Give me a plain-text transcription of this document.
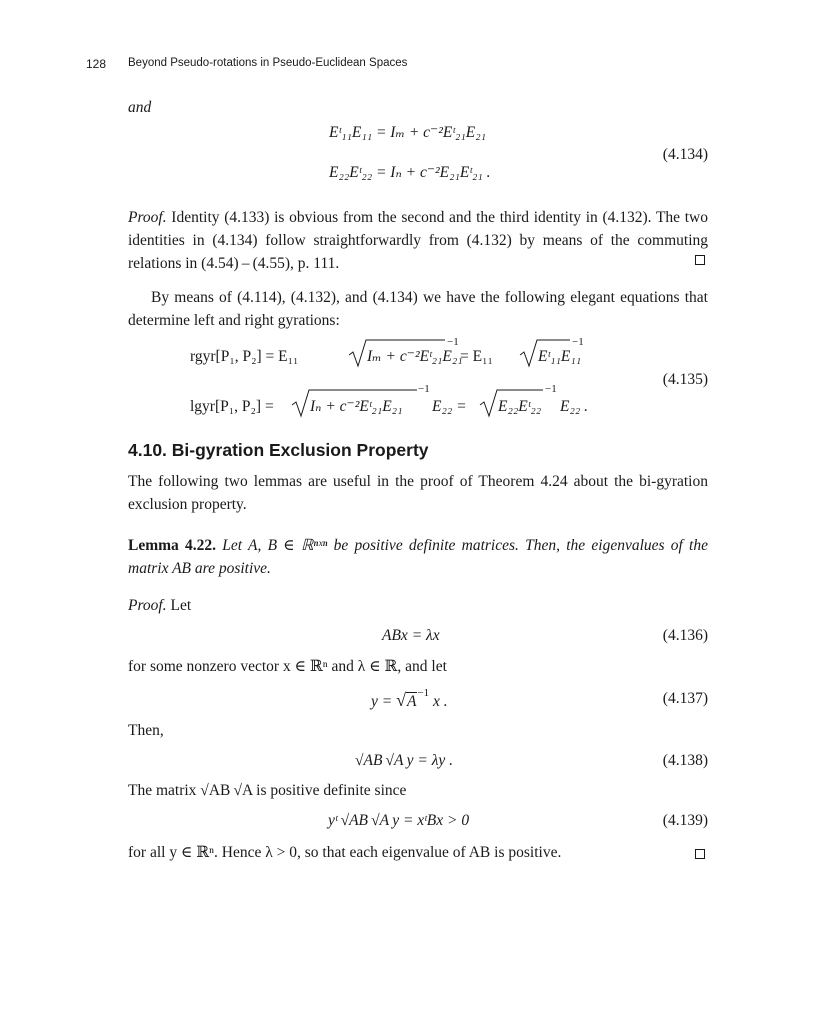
128 Beyond Pseudo-rotations in Pseudo-Euclidean Spaces
and
Eᵗ₁₁E₁₁ = Iₘ + c⁻²Eᵗ₂₁E₂₁
E₂₂Eᵗ₂₂ = Iₙ + c⁻²E₂₁Eᵗ₂₁ .
(4.134)
Proof. Identity (4.133) is obvious from the second and the third identity in (4.132). The two identities in (4.134) follow straightforwardly from (4.132) by means of the commuting relations in (4.54) – (4.55), p. 111.
By means of (4.114), (4.132), and (4.134) we have the following elegant equations that determine left and right gyrations:
rgyr[P₁, P₂] = E₁₁	Iₘ + c⁻²Eᵗ₂₁E₂₁
−1
= E₁₁	Eᵗ₁₁E₁₁
−1
lgyr[P₁, P₂] = Iₙ + c⁻²Eᵗ₂₁E₂₁
−1
E₂₂ = E₂₂Eᵗ₂₂
−1
E₂₂ .
(4.135)
4.10. Bi-gyration Exclusion Property
The following two lemmas are useful in the proof of Theorem 4.24 about the bi-gyration exclusion property.
Lemma 4.22. Let A, B ∈ ℝⁿˣⁿ be positive definite matrices. Then, the eigenvalues of the matrix AB are positive.
Proof. Let
ABx = λx	(4.136)
for some nonzero vector x ∈ ℝⁿ and λ ∈ ℝ, and let
$y = √A^{-1}$ x .	(4.137)
Then,
√AB √A y = λy .	(4.138)
The matrix √AB √A is positive definite since
yᵗ √AB √A y = xᵗBx > 0	(4.139)
for all y ∈ ℝⁿ. Hence λ > 0, so that each eigenvalue of AB is positive.
